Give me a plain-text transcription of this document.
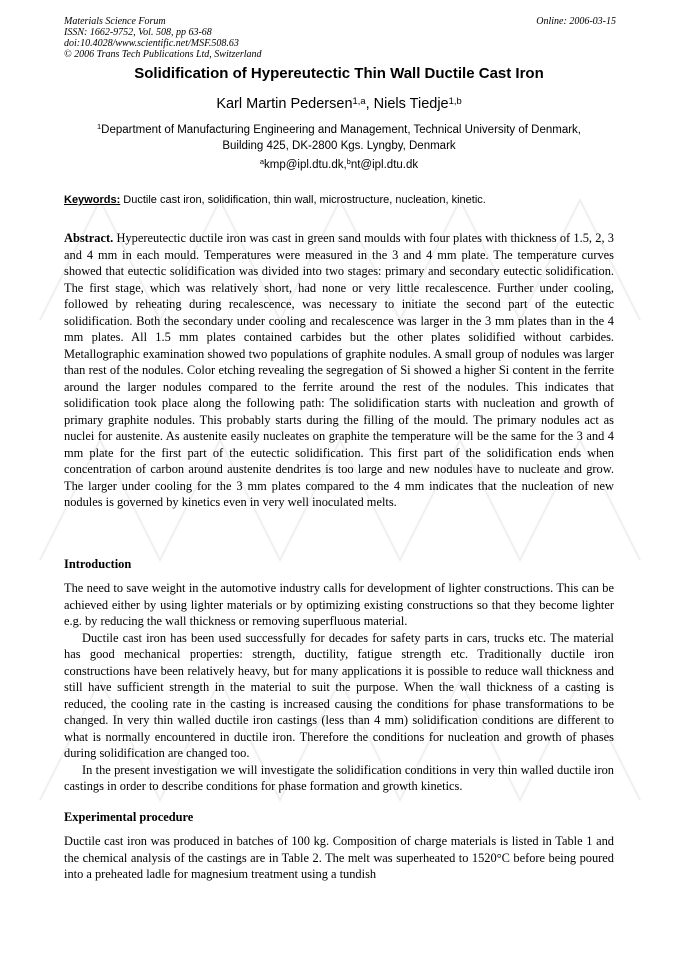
Materials Science Forum
ISSN: 1662-9752, Vol. 508, pp 63-68
doi:10.4028/www.scientific.net/MSF.508.63
© 2006 Trans Tech Publications Ltd, Switzerland
Online: 2006-03-15
Solidification of Hypereutectic Thin Wall Ductile Cast Iron
Karl Martin Pedersen$^{1,a}$, Niels Tiedje$^{1,b}$
$^1$Department of Manufacturing Engineering and Management, Technical University of Denmark,
Building 425, DK-2800 Kgs. Lyngby, Denmark
$^a$kmp@ipl.dtu.dk,$^b$nt@ipl.dtu.dk
Keywords: Ductile cast iron, solidification, thin wall, microstructure, nucleation, kinetic.

Abstract. Hypereutectic ductile iron was cast in green sand moulds with four plates with thickness of 1.5, 2, 3 and 4 mm in each mould. Temperatures were measured in the 3 and 4 mm plate. The temperature curves showed that eutectic solidification was divided into two stages: primary and secondary eutectic solidification. The first stage, which was relatively short, had none or very little recalescence. Further under cooling, followed by reheating during recalescence, was necessary to initiate the second part of the eutectic solidification. Both the secondary under cooling and recalescence was larger in the 3 mm plates than in the 4 mm plates. All 1.5 mm plates contained carbides but the other plates solidified without carbides. Metallographic examination showed two populations of graphite nodules. A small group of nodules was larger than rest of the nodules. Color etching revealing the segregation of Si showed a higher Si content in the ferrite around the larger nodules compared to the ferrite around the rest of the nodules. This indicates that solidification took place along the following path: The solidification starts with nucleation and growth of primary graphite nodules. This probably starts during the filling of the mould. The primary nodules act as nuclei for austenite. As austenite easily nucleates on graphite the temperature will be the same for the 3 and 4 mm plate for the first part of the eutectic solidification. This first part of the solidification ends when concentration of carbon around austenite dendrites is too large and new nodules have to nucleate and grow. The larger under cooling for the 3 mm plates compared to the 4 mm indicates that the nucleation of new nodules is governed by kinetics even in very well inoculated melts.

Introduction

The need to save weight in the automotive industry calls for development of lighter constructions. This can be achieved either by using lighter materials or by optimizing existing constructions so that they become lighter e.g. by reducing the wall thickness or removing superfluous material.

Ductile cast iron has been used successfully for decades for safety parts in cars, trucks etc. The material has good mechanical properties: strength, ductility, fatigue strength etc. Traditionally ductile iron constructions have been relatively heavy, but for many applications it is possible to reduce wall thickness and still have sufficient strength in the material to suit the purpose. When the wall thickness of a casting is reduced, the cooling rate in the casting is increased causing the conditions for phase transformations to be changed. In very thin walled ductile iron castings (less than 4 mm) solidification conditions are different to what is normally encountered in ductile iron. Therefore the conditions for nucleation and growth of phases during solidification are changed too.

In the present investigation we will investigate the solidification conditions in very thin walled ductile iron castings in order to describe conditions for phase formation and growth kinetics.

Experimental procedure

Ductile cast iron was produced in batches of 100 kg. Composition of charge materials is listed in Table 1 and the chemical analysis of the castings are in Table 2. The melt was superheated to 1520°C before being poured into a preheated ladle for magnesium treatment using a tundish
